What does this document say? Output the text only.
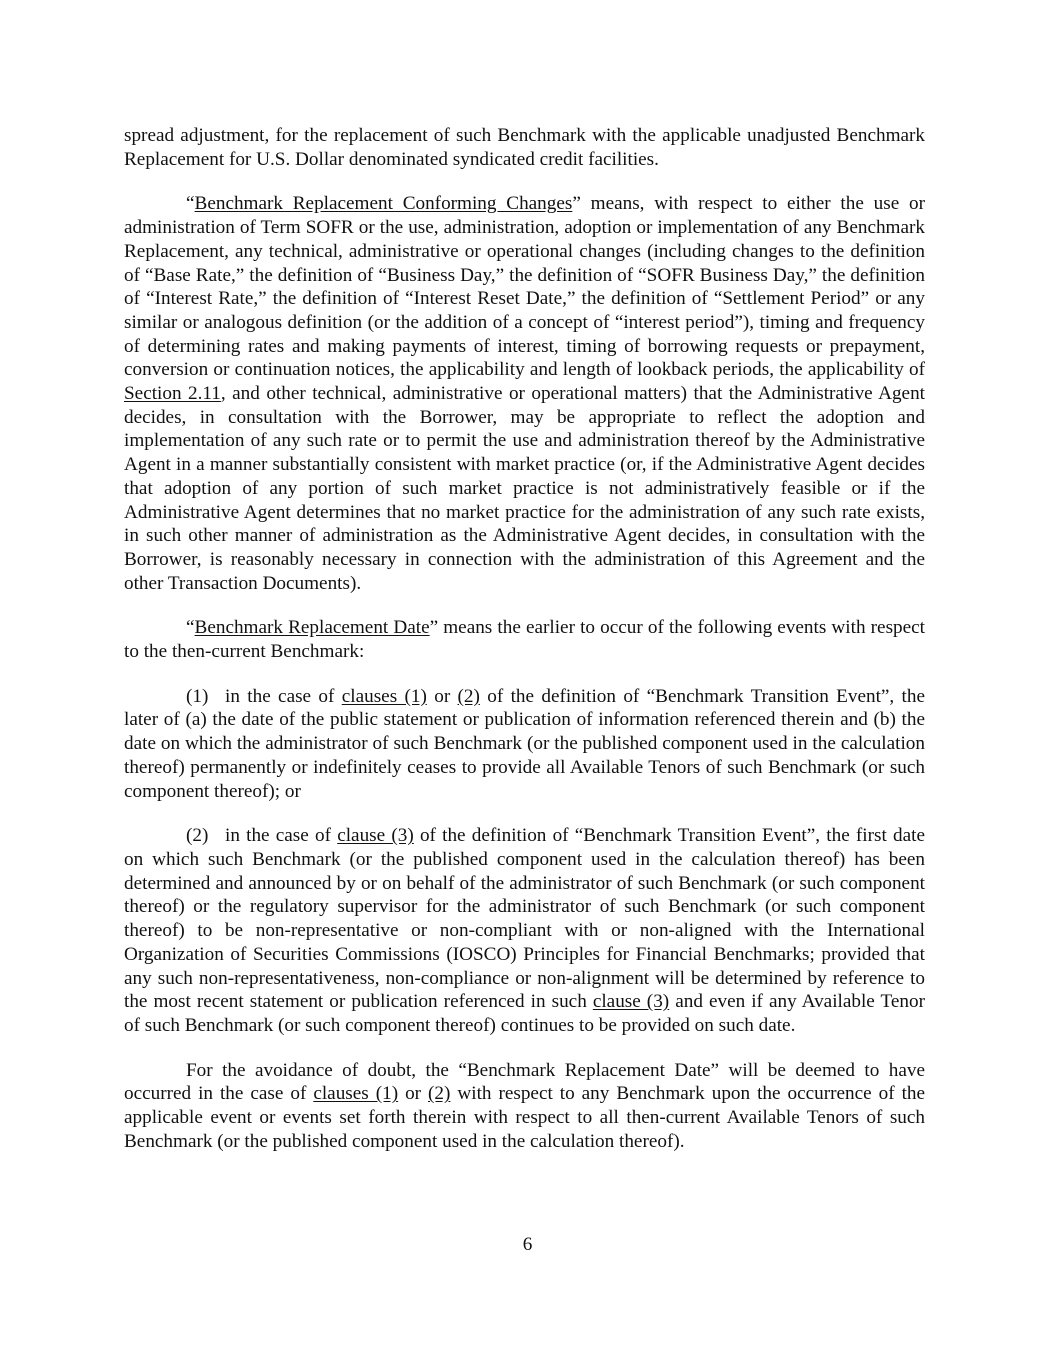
spread adjustment, for the replacement of such Benchmark with the applicable unadjusted Benchmark Replacement for U.S. Dollar denominated syndicated credit facilities.

“Benchmark Replacement Conforming Changes” means, with respect to either the use or administration of Term SOFR or the use, administration, adoption or implementation of any Benchmark Replacement, any technical, administrative or operational changes (including changes to the definition of “Base Rate,” the definition of “Business Day,” the definition of “SOFR Business Day,” the definition of “Interest Rate,” the definition of “Interest Reset Date,” the definition of “Settlement Period” or any similar or analogous definition (or the addition of a concept of “interest period”), timing and frequency of determining rates and making payments of interest, timing of borrowing requests or prepayment, conversion or continuation notices, the applicability and length of lookback periods, the applicability of Section 2.11, and other technical, administrative or operational matters) that the Administrative Agent decides, in consultation with the Borrower, may be appropriate to reflect the adoption and implementation of any such rate or to permit the use and administration thereof by the Administrative Agent in a manner substantially consistent with market practice (or, if the Administrative Agent decides that adoption of any portion of such market practice is not administratively feasible or if the Administrative Agent determines that no market practice for the administration of any such rate exists, in such other manner of administration as the Administrative Agent decides, in consultation with the Borrower, is reasonably necessary in connection with the administration of this Agreement and the other Transaction Documents).

“Benchmark Replacement Date” means the earlier to occur of the following events with respect to the then-current Benchmark:

(1) in the case of clauses (1) or (2) of the definition of “Benchmark Transition Event”, the later of (a) the date of the public statement or publication of information referenced therein and (b) the date on which the administrator of such Benchmark (or the published component used in the calculation thereof) permanently or indefinitely ceases to provide all Available Tenors of such Benchmark (or such component thereof); or

(2) in the case of clause (3) of the definition of “Benchmark Transition Event”, the first date on which such Benchmark (or the published component used in the calculation thereof) has been determined and announced by or on behalf of the administrator of such Benchmark (or such component thereof) or the regulatory supervisor for the administrator of such Benchmark (or such component thereof) to be non-representative or non-compliant with or non-aligned with the International Organization of Securities Commissions (IOSCO) Principles for Financial Benchmarks; provided that any such non-representativeness, non-compliance or non-alignment will be determined by reference to the most recent statement or publication referenced in such clause (3) and even if any Available Tenor of such Benchmark (or such component thereof) continues to be provided on such date.

For the avoidance of doubt, the “Benchmark Replacement Date” will be deemed to have occurred in the case of clauses (1) or (2) with respect to any Benchmark upon the occurrence of the applicable event or events set forth therein with respect to all then-current Available Tenors of such Benchmark (or the published component used in the calculation thereof).

6
